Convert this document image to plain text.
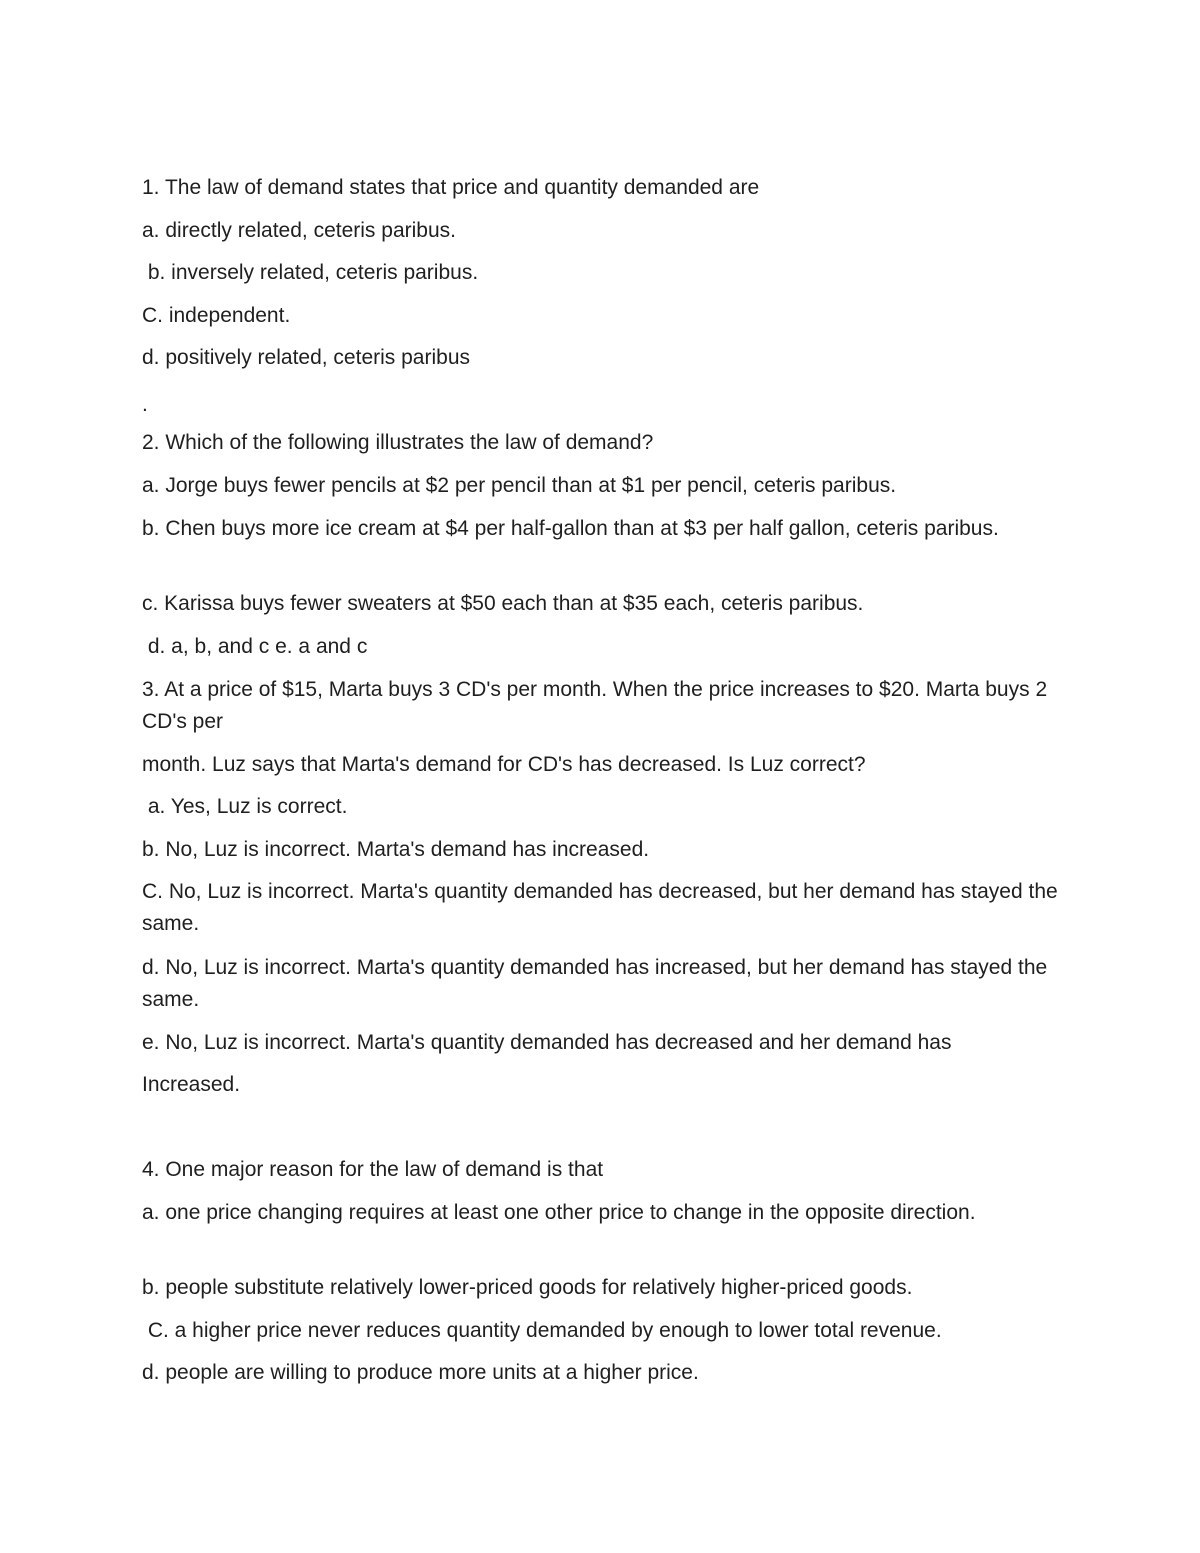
1. The law of demand states that price and quantity demanded are

a. directly related, ceteris paribus.

b. inversely related, ceteris paribus.

C. independent.

d. positively related, ceteris paribus

.

2. Which of the following illustrates the law of demand?

a. Jorge buys fewer pencils at $2 per pencil than at $1 per pencil, ceteris paribus.

b. Chen buys more ice cream at $4 per half-gallon than at $3 per half gallon, ceteris paribus.

c. Karissa buys fewer sweaters at $50 each than at $35 each, ceteris paribus.

d. a, b, and c e. a and c

3. At a price of $15, Marta buys 3 CD's per month. When the price increases to $20. Marta buys 2 CD's per

month. Luz says that Marta's demand for CD's has decreased. Is Luz correct?

a. Yes, Luz is correct.

b. No, Luz is incorrect. Marta's demand has increased.

C. No, Luz is incorrect. Marta's quantity demanded has decreased, but her demand has stayed the same.

d. No, Luz is incorrect. Marta's quantity demanded has increased, but her demand has stayed the same.

e. No, Luz is incorrect. Marta's quantity demanded has decreased and her demand has

Increased.

4. One major reason for the law of demand is that

a. one price changing requires at least one other price to change in the opposite direction.

b. people substitute relatively lower-priced goods for relatively higher-priced goods.

C. a higher price never reduces quantity demanded by enough to lower total revenue.

d. people are willing to produce more units at a higher price.
